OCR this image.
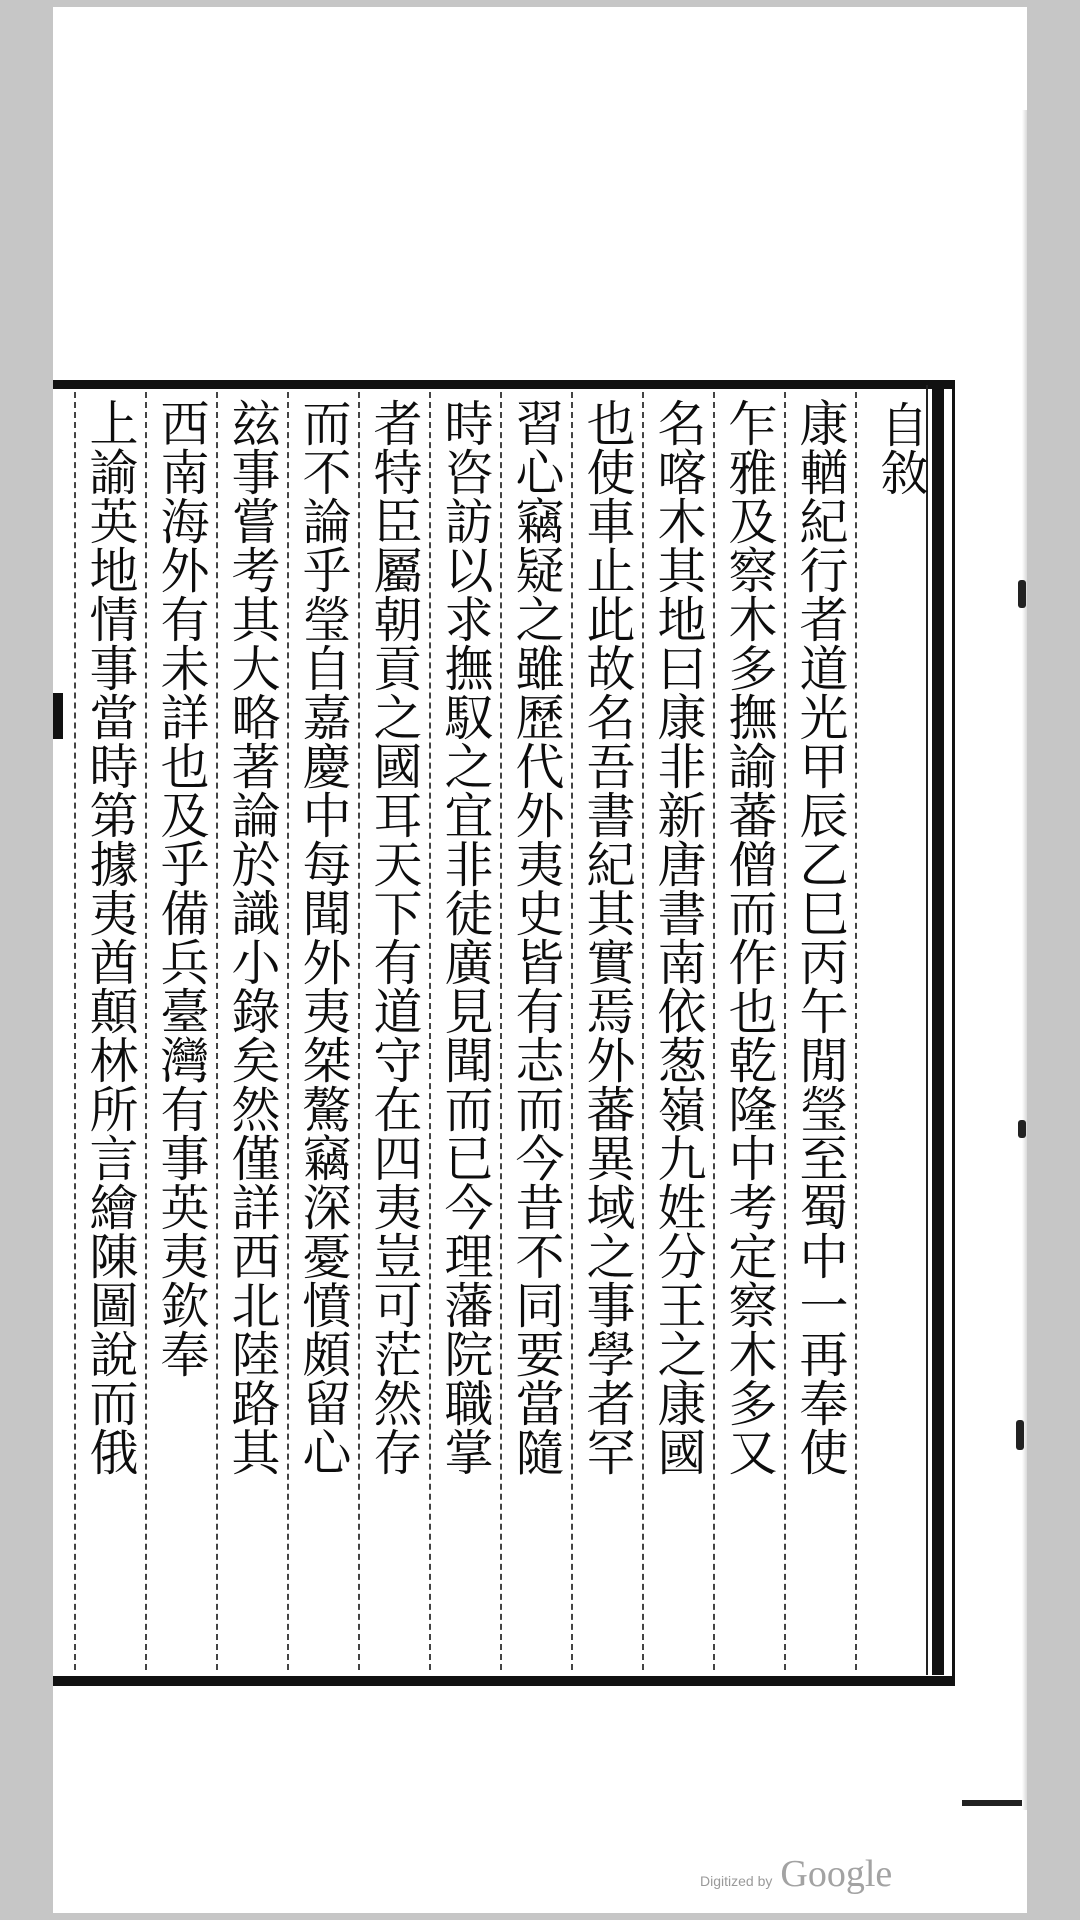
自敘
康輶紀行者道光甲辰乙巳丙午閒瑩至蜀中一再奉使
乍雅及察木多撫諭蕃僧而作也乾隆中考定察木多又
名喀木其地曰康非新唐書南依葱嶺九姓分王之康國
也使車止此故名吾書紀其實焉外蕃異域之事學者罕
習心竊疑之雖歷代外夷史皆有志而今昔不同要當隨
時咨訪以求撫馭之宜非徒廣見聞而已今理藩院職掌
者特臣屬朝貢之國耳天下有道守在四夷豈可茫然存
而不論乎瑩自嘉慶中每聞外夷桀驁竊深憂憤頗留心
玆事嘗考其大略著論於識小錄矣然僅詳西北陸路其
西南海外有未詳也及乎備兵臺灣有事英夷欽奉
上諭英地情事當時第據夷酋顛林所言繪陳圖說而俄
Digitized by Google
